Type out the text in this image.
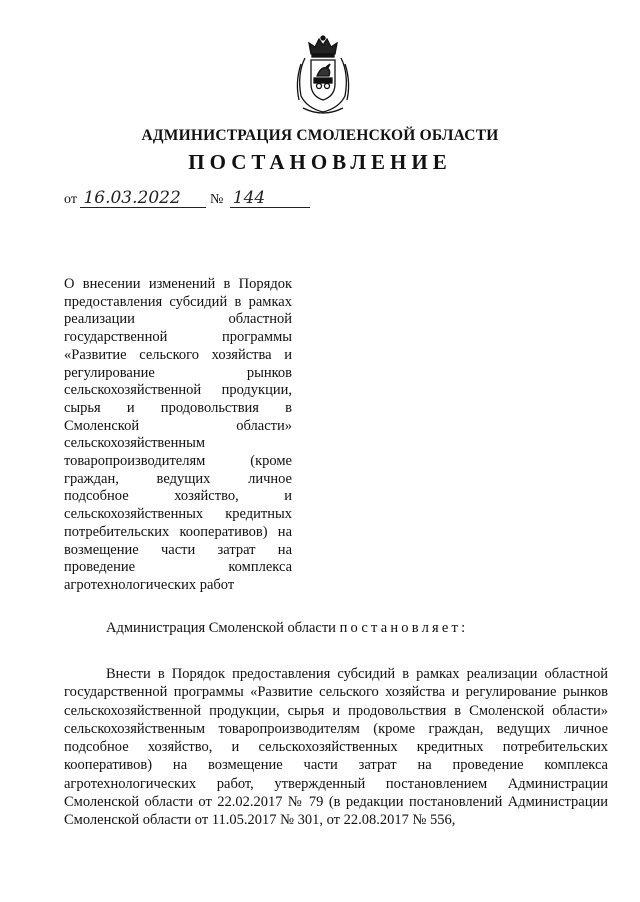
АДМИНИСТРАЦИЯ СМОЛЕНСКОЙ ОБЛАСТИ
ПОСТАНОВЛЕНИЕ
от 16.03.2022 № 144
О внесении изменений в Порядок предоставления субсидий в рамках реализации областной государственной программы «Развитие сельского хозяйства и регулирование рынков сельскохозяйственной продукции, сырья и продовольствия в Смоленской области» сельскохозяйственным товаропроизводителям (кроме граждан, ведущих личное подсобное хозяйство, и сельскохозяйственных кредитных потребительских кооперативов) на возмещение части затрат на проведение комплекса агротехнологических работ
Администрация Смоленской области постановляет:
Внести в Порядок предоставления субсидий в рамках реализации областной государственной программы «Развитие сельского хозяйства и регулирование рынков сельскохозяйственной продукции, сырья и продовольствия в Смоленской области» сельскохозяйственным товаропроизводителям (кроме граждан, ведущих личное подсобное хозяйство, и сельскохозяйственных кредитных потребительских кооперативов) на возмещение части затрат на проведение комплекса агротехнологических работ, утвержденный постановлением Администрации Смоленской области от 22.02.2017 № 79 (в редакции постановлений Администрации Смоленской области от 11.05.2017 № 301, от 22.08.2017 № 556,
